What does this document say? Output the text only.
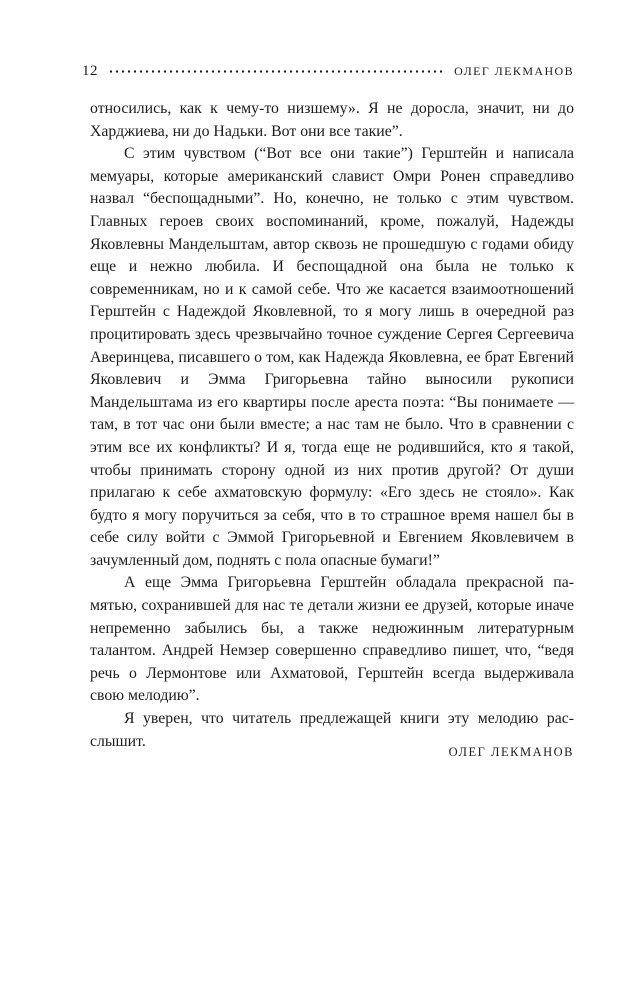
12	ОЛЕГ ЛЕКМАНОВ

относились, как к чему-то низшему». Я не доросла, значит, ни до Харджиева, ни до Надьки. Вот они все такие”.

С этим чувством (“Вот все они такие”) Герштейн и написала мемуары, которые американский славист Омри Ронен справедливо назвал “беспощадными”. Но, конечно, не только с этим чувством. Главных героев своих воспоминаний, кроме, пожалуй, Надежды Яковлевны Мандельштам, автор сквозь не прошедшую с годами обиду еще и нежно любила. И беспощадной она была не только к современникам, но и к самой себе. Что же касается взаимоотношений Герштейн с Надеждой Яковлевной, то я могу лишь в очередной раз процитировать здесь чрезвычайно точное суждение Сергея Сергеевича Аверинцева, писавшего о том, как Надежда Яковлевна, ее брат Евгений Яковлевич и Эмма Григорьевна тайно выносили рукописи Мандельштама из его квартиры после ареста поэта: “Вы понимаете — там, в тот час они были вместе; а нас там не было. Что в сравнении с этим все их конфликты? И я, тогда еще не родившийся, кто я такой, чтобы принимать сторону одной из них против другой? От души прилагаю к себе ахматовскую формулу: «Его здесь не стояло». Как будто я могу поручиться за себя, что в то страшное время нашел бы в себе силу войти с Эммой Григорьевной и Евгением Яковлевичем в зачумленный дом, поднять с пола опасные бумаги!”

А еще Эмма Григорьевна Герштейн обладала прекрасной памятью, сохранившей для нас те детали жизни ее друзей, которые иначе непременно забылись бы, а также недюжинным литературным талантом. Андрей Немзер совершенно справедливо пишет, что, “ведя речь о Лермонтове или Ахматовой, Герштейн всегда выдерживала свою мелодию”.

Я уверен, что читатель предлежащей книги эту мелодию расслышит.

ОЛЕГ ЛЕКМАНОВ
